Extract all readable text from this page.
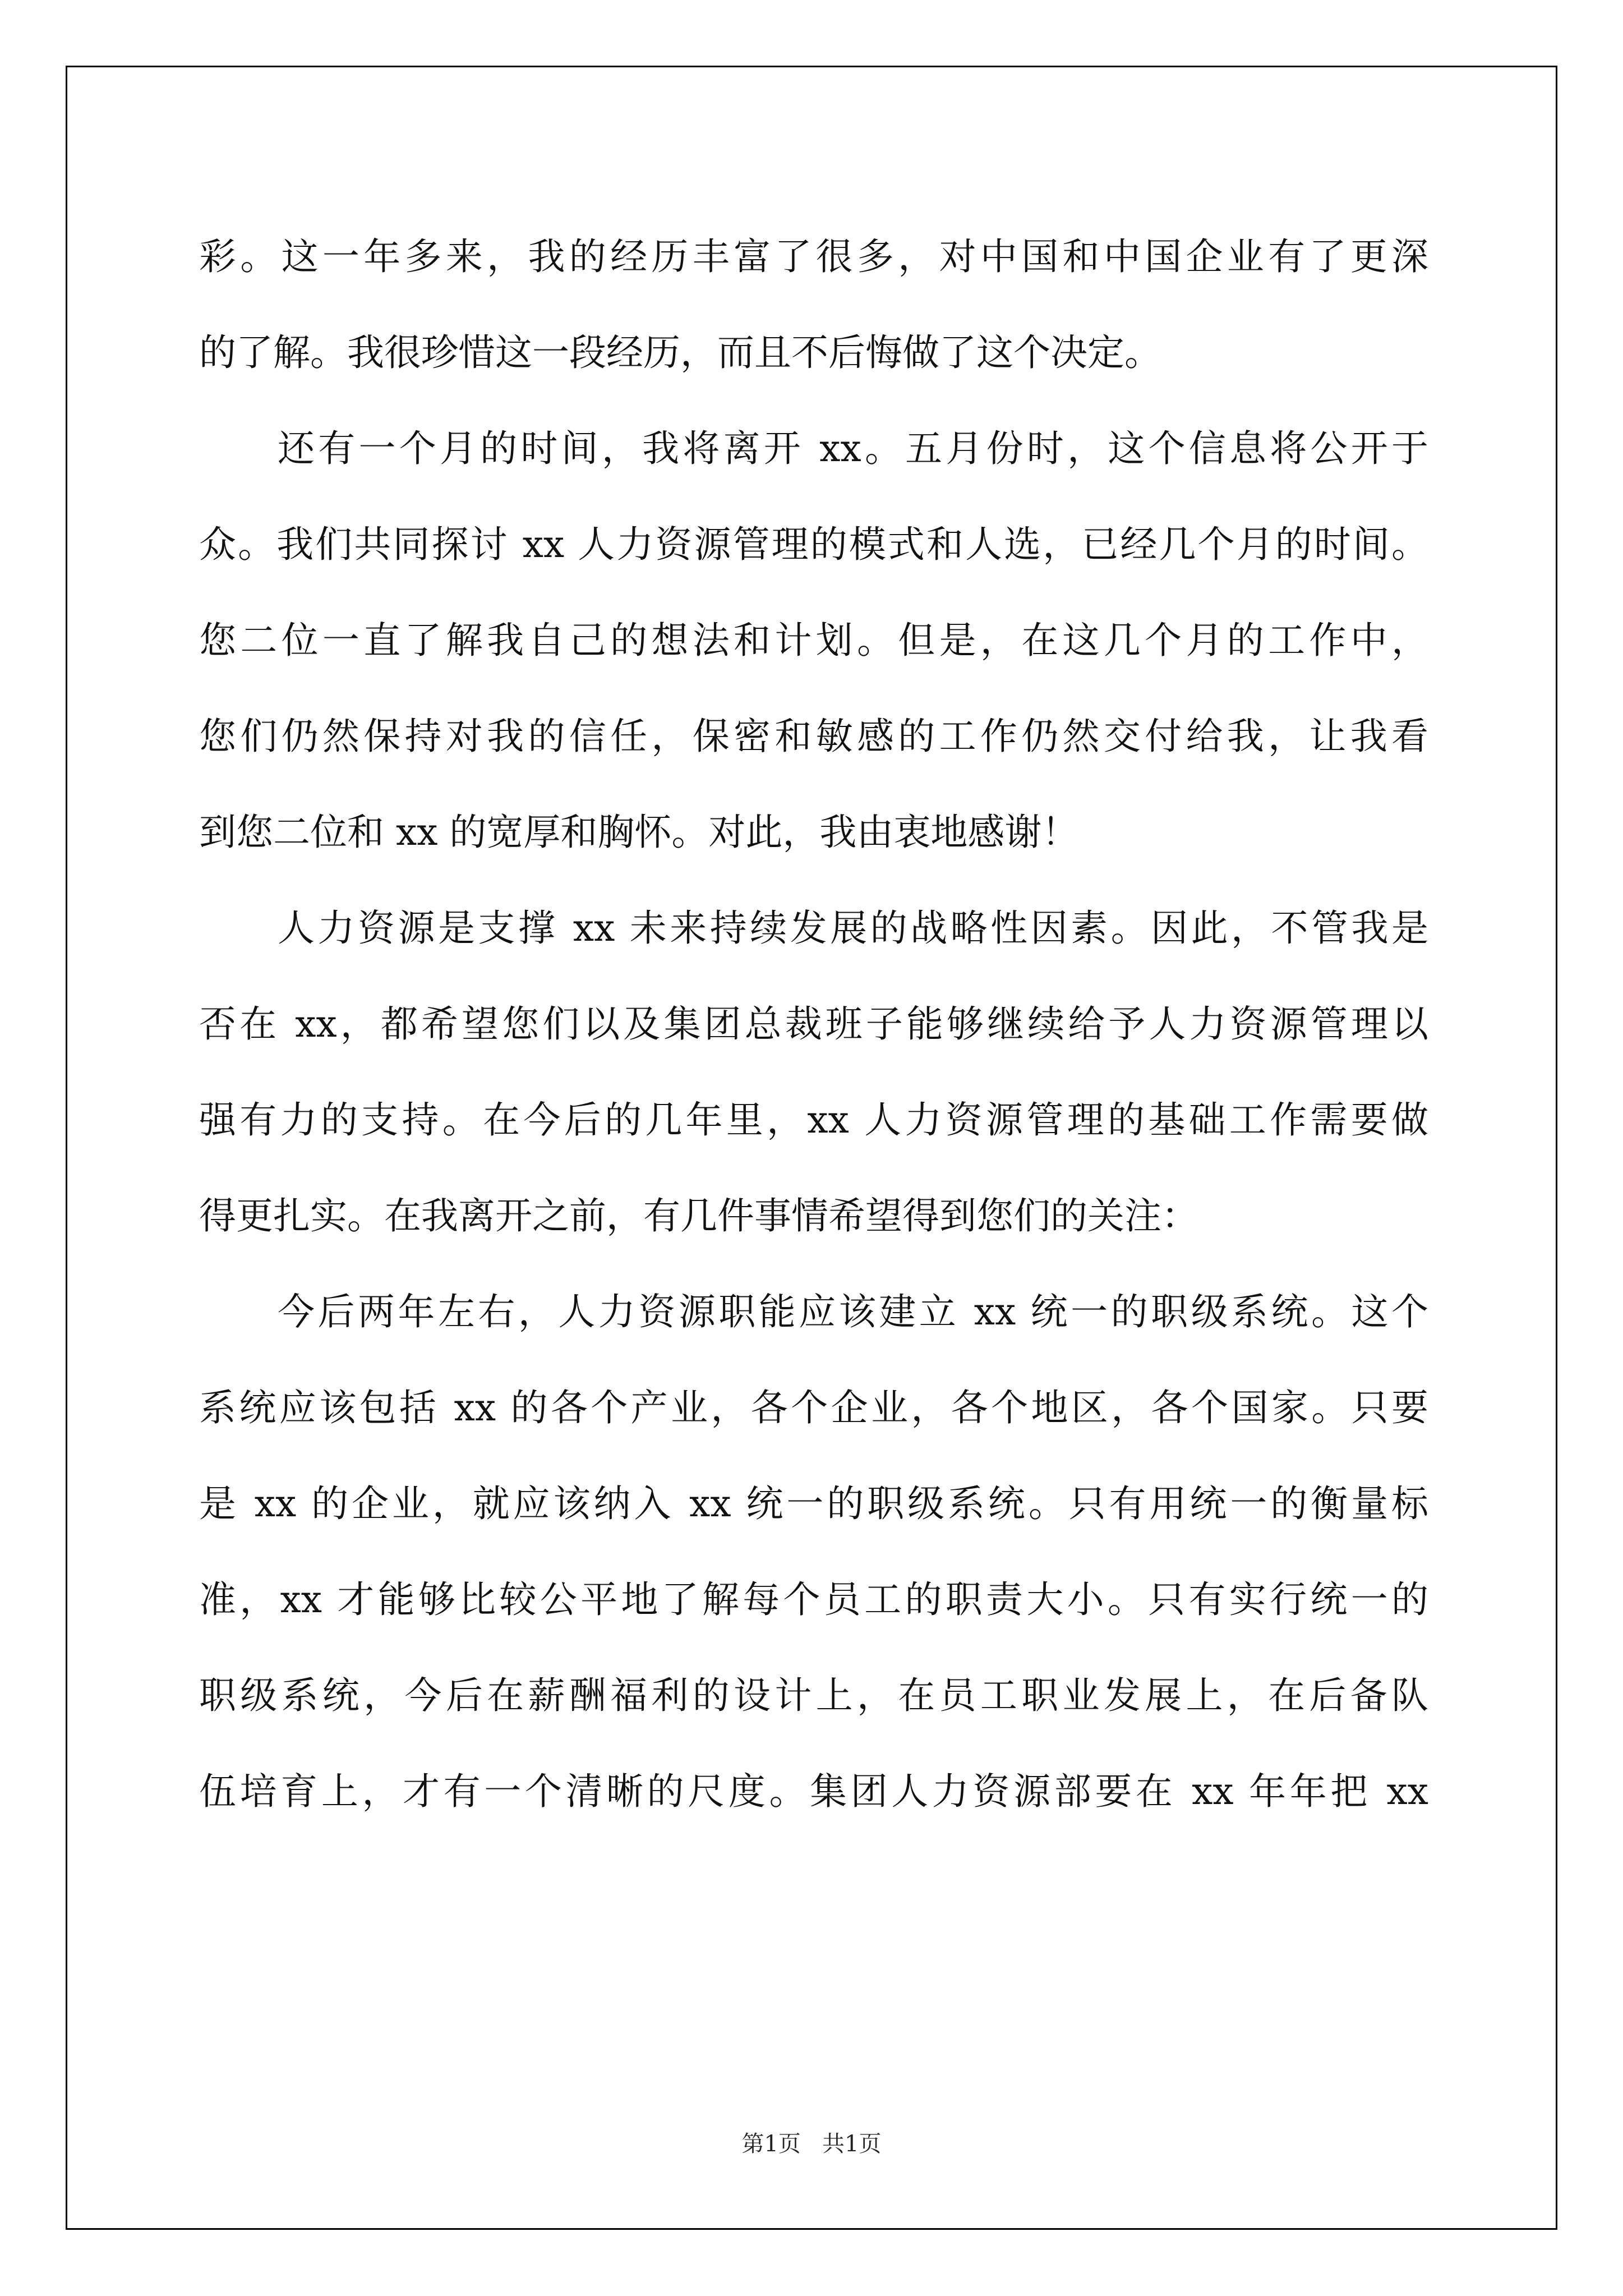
彩。这一年多来，我的经历丰富了很多，对中国和中国企业有了更深
的了解。我很珍惜这一段经历，而且不后悔做了这个决定。
还有一个月的时间，我将离开 xx。五月份时，这个信息将公开于
众。我们共同探讨 xx 人力资源管理的模式和人选，已经几个月的时间。
您二位一直了解我自己的想法和计划。但是，在这几个月的工作中，
您们仍然保持对我的信任，保密和敏感的工作仍然交付给我，让我看
到您二位和 xx 的宽厚和胸怀。对此，我由衷地感谢！
人力资源是支撑 xx 未来持续发展的战略性因素。因此，不管我是
否在 xx，都希望您们以及集团总裁班子能够继续给予人力资源管理以
强有力的支持。在今后的几年里，xx 人力资源管理的基础工作需要做
得更扎实。在我离开之前，有几件事情希望得到您们的关注：
今后两年左右，人力资源职能应该建立 xx 统一的职级系统。这个
系统应该包括 xx 的各个产业，各个企业，各个地区，各个国家。只要
是 xx 的企业，就应该纳入 xx 统一的职级系统。只有用统一的衡量标
准，xx 才能够比较公平地了解每个员工的职责大小。只有实行统一的
职级系统，今后在薪酬福利的设计上，在员工职业发展上，在后备队
伍培育上，才有一个清晰的尺度。集团人力资源部要在 xx 年年把 xx
第1页   共1页
